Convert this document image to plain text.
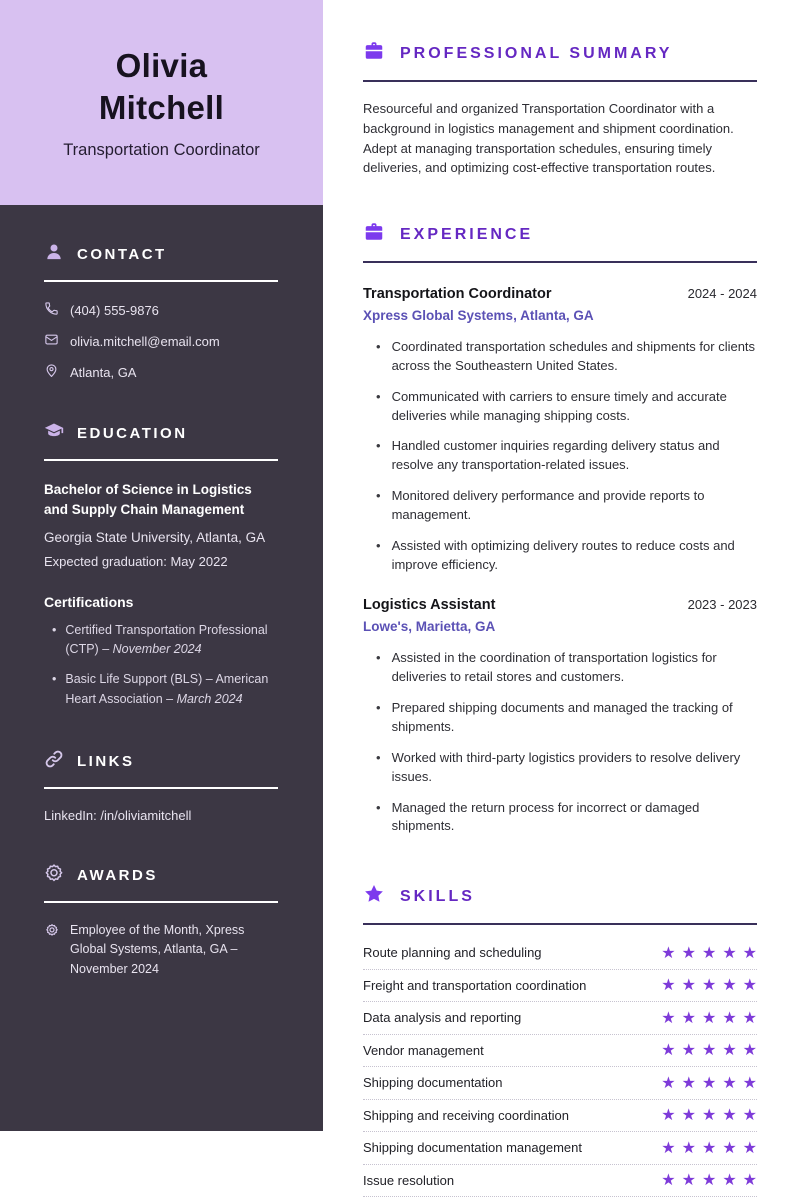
Olivia Mitchell
Transportation Coordinator
CONTACT
(404) 555-9876
olivia.mitchell@email.com
Atlanta, GA
EDUCATION
Bachelor of Science in Logistics and Supply Chain Management
Georgia State University, Atlanta, GA
Expected graduation: May 2022
Certifications
• Certified Transportation Professional (CTP) – November 2024
• Basic Life Support (BLS) – American Heart Association – March 2024
LINKS
LinkedIn: /in/oliviamitchell
AWARDS
Employee of the Month, Xpress Global Systems, Atlanta, GA – November 2024
PROFESSIONAL SUMMARY

Resourceful and organized Transportation Coordinator with a background in logistics management and shipment coordination. Adept at managing transportation schedules, ensuring timely deliveries, and optimizing cost-effective transportation routes.

EXPERIENCE
Transportation Coordinator	2024 - 2024
Xpress Global Systems, Atlanta, GA
• Coordinated transportation schedules and shipments for clients across the Southeastern United States.
• Communicated with carriers to ensure timely and accurate deliveries while managing shipping costs.
• Handled customer inquiries regarding delivery status and resolve any transportation-related issues.
• Monitored delivery performance and provide reports to management.
• Assisted with optimizing delivery routes to reduce costs and improve efficiency.
Logistics Assistant	2023 - 2023
Lowe's, Marietta, GA
• Assisted in the coordination of transportation logistics for deliveries to retail stores and customers.
• Prepared shipping documents and managed the tracking of shipments.
• Worked with third-party logistics providers to resolve delivery issues.
• Managed the return process for incorrect or damaged shipments.
SKILLS
Route planning and scheduling	★★★★★
Freight and transportation coordination	★★★★★
Data analysis and reporting	★★★★★
Vendor management	★★★★★
Shipping documentation	★★★★★
Shipping and receiving coordination	★★★★★
Shipping documentation management	★★★★★
Issue resolution	★★★★★
